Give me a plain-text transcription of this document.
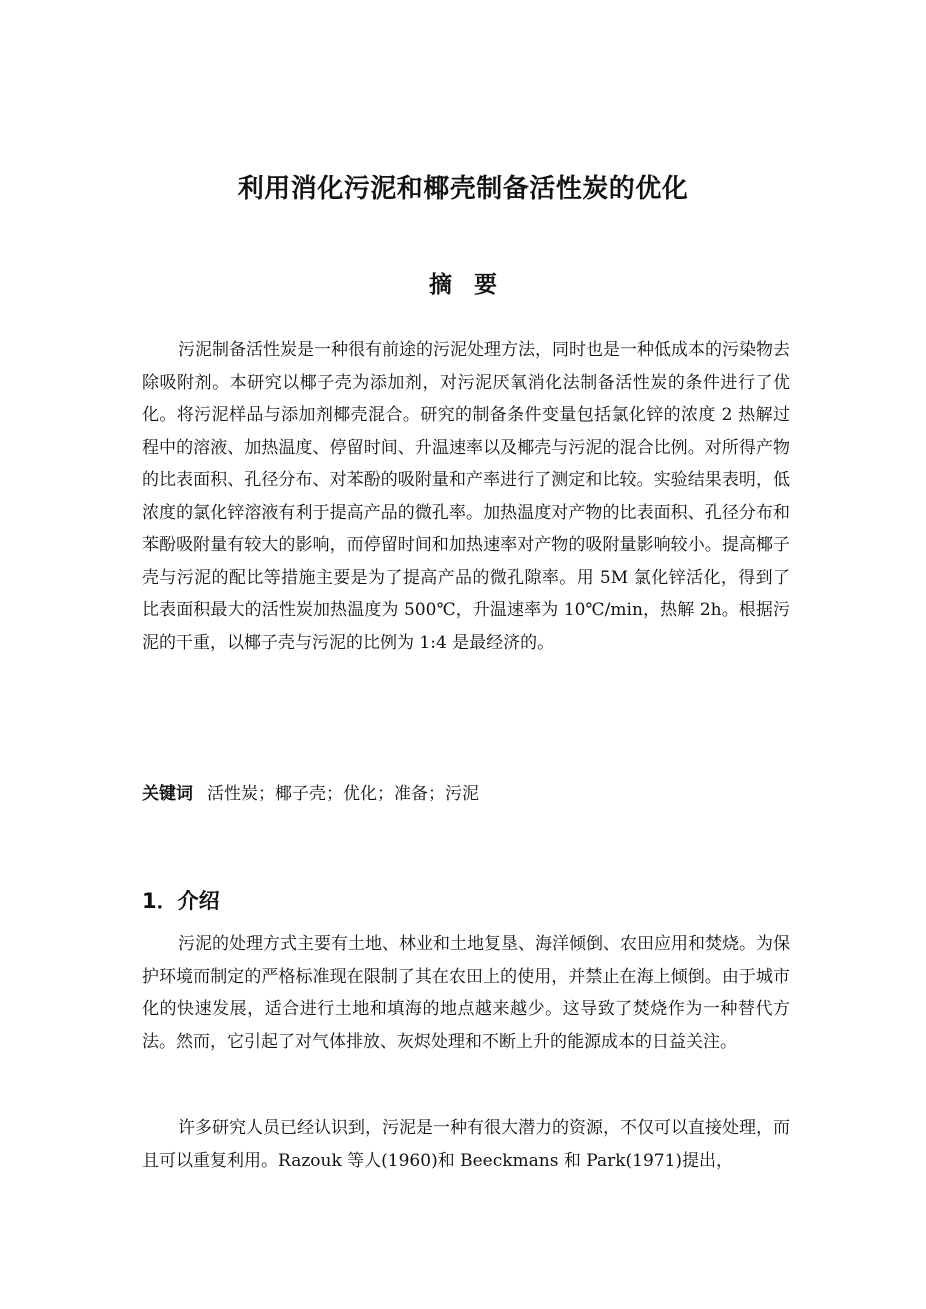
利用消化污泥和椰壳制备活性炭的优化
摘要

污泥制备活性炭是一种很有前途的污泥处理方法，同时也是一种低成本的污染物去除吸附剂。本研究以椰子壳为添加剂，对污泥厌氧消化法制备活性炭的条件进行了优化。将污泥样品与添加剂椰壳混合。研究的制备条件变量包括氯化锌的浓度 2 热解过程中的溶液、加热温度、停留时间、升温速率以及椰壳与污泥的混合比例。对所得产物的比表面积、孔径分布、对苯酚的吸附量和产率进行了测定和比较。实验结果表明，低浓度的氯化锌溶液有利于提高产品的微孔率。加热温度对产物的比表面积、孔径分布和苯酚吸附量有较大的影响，而停留时间和加热速率对产物的吸附量影响较小。提高椰子壳与污泥的配比等措施主要是为了提高产品的微孔隙率。用 5M 氯化锌活化，得到了比表面积最大的活性炭加热温度为 500℃，升温速率为 10℃/min，热解 2h。根据污泥的干重，以椰子壳与污泥的比例为 1:4 是最经济的。

关键词 活性炭；椰子壳；优化；准备；污泥
1．介绍

污泥的处理方式主要有土地、林业和土地复垦、海洋倾倒、农田应用和焚烧。为保护环境而制定的严格标准现在限制了其在农田上的使用，并禁止在海上倾倒。由于城市化的快速发展，适合进行土地和填海的地点越来越少。这导致了焚烧作为一种替代方法。然而，它引起了对气体排放、灰烬处理和不断上升的能源成本的日益关注。

许多研究人员已经认识到，污泥是一种有很大潜力的资源，不仅可以直接处理，而且可以重复利用。Razouk 等人(1960)和 Beeckmans 和 Park(1971)提出，
